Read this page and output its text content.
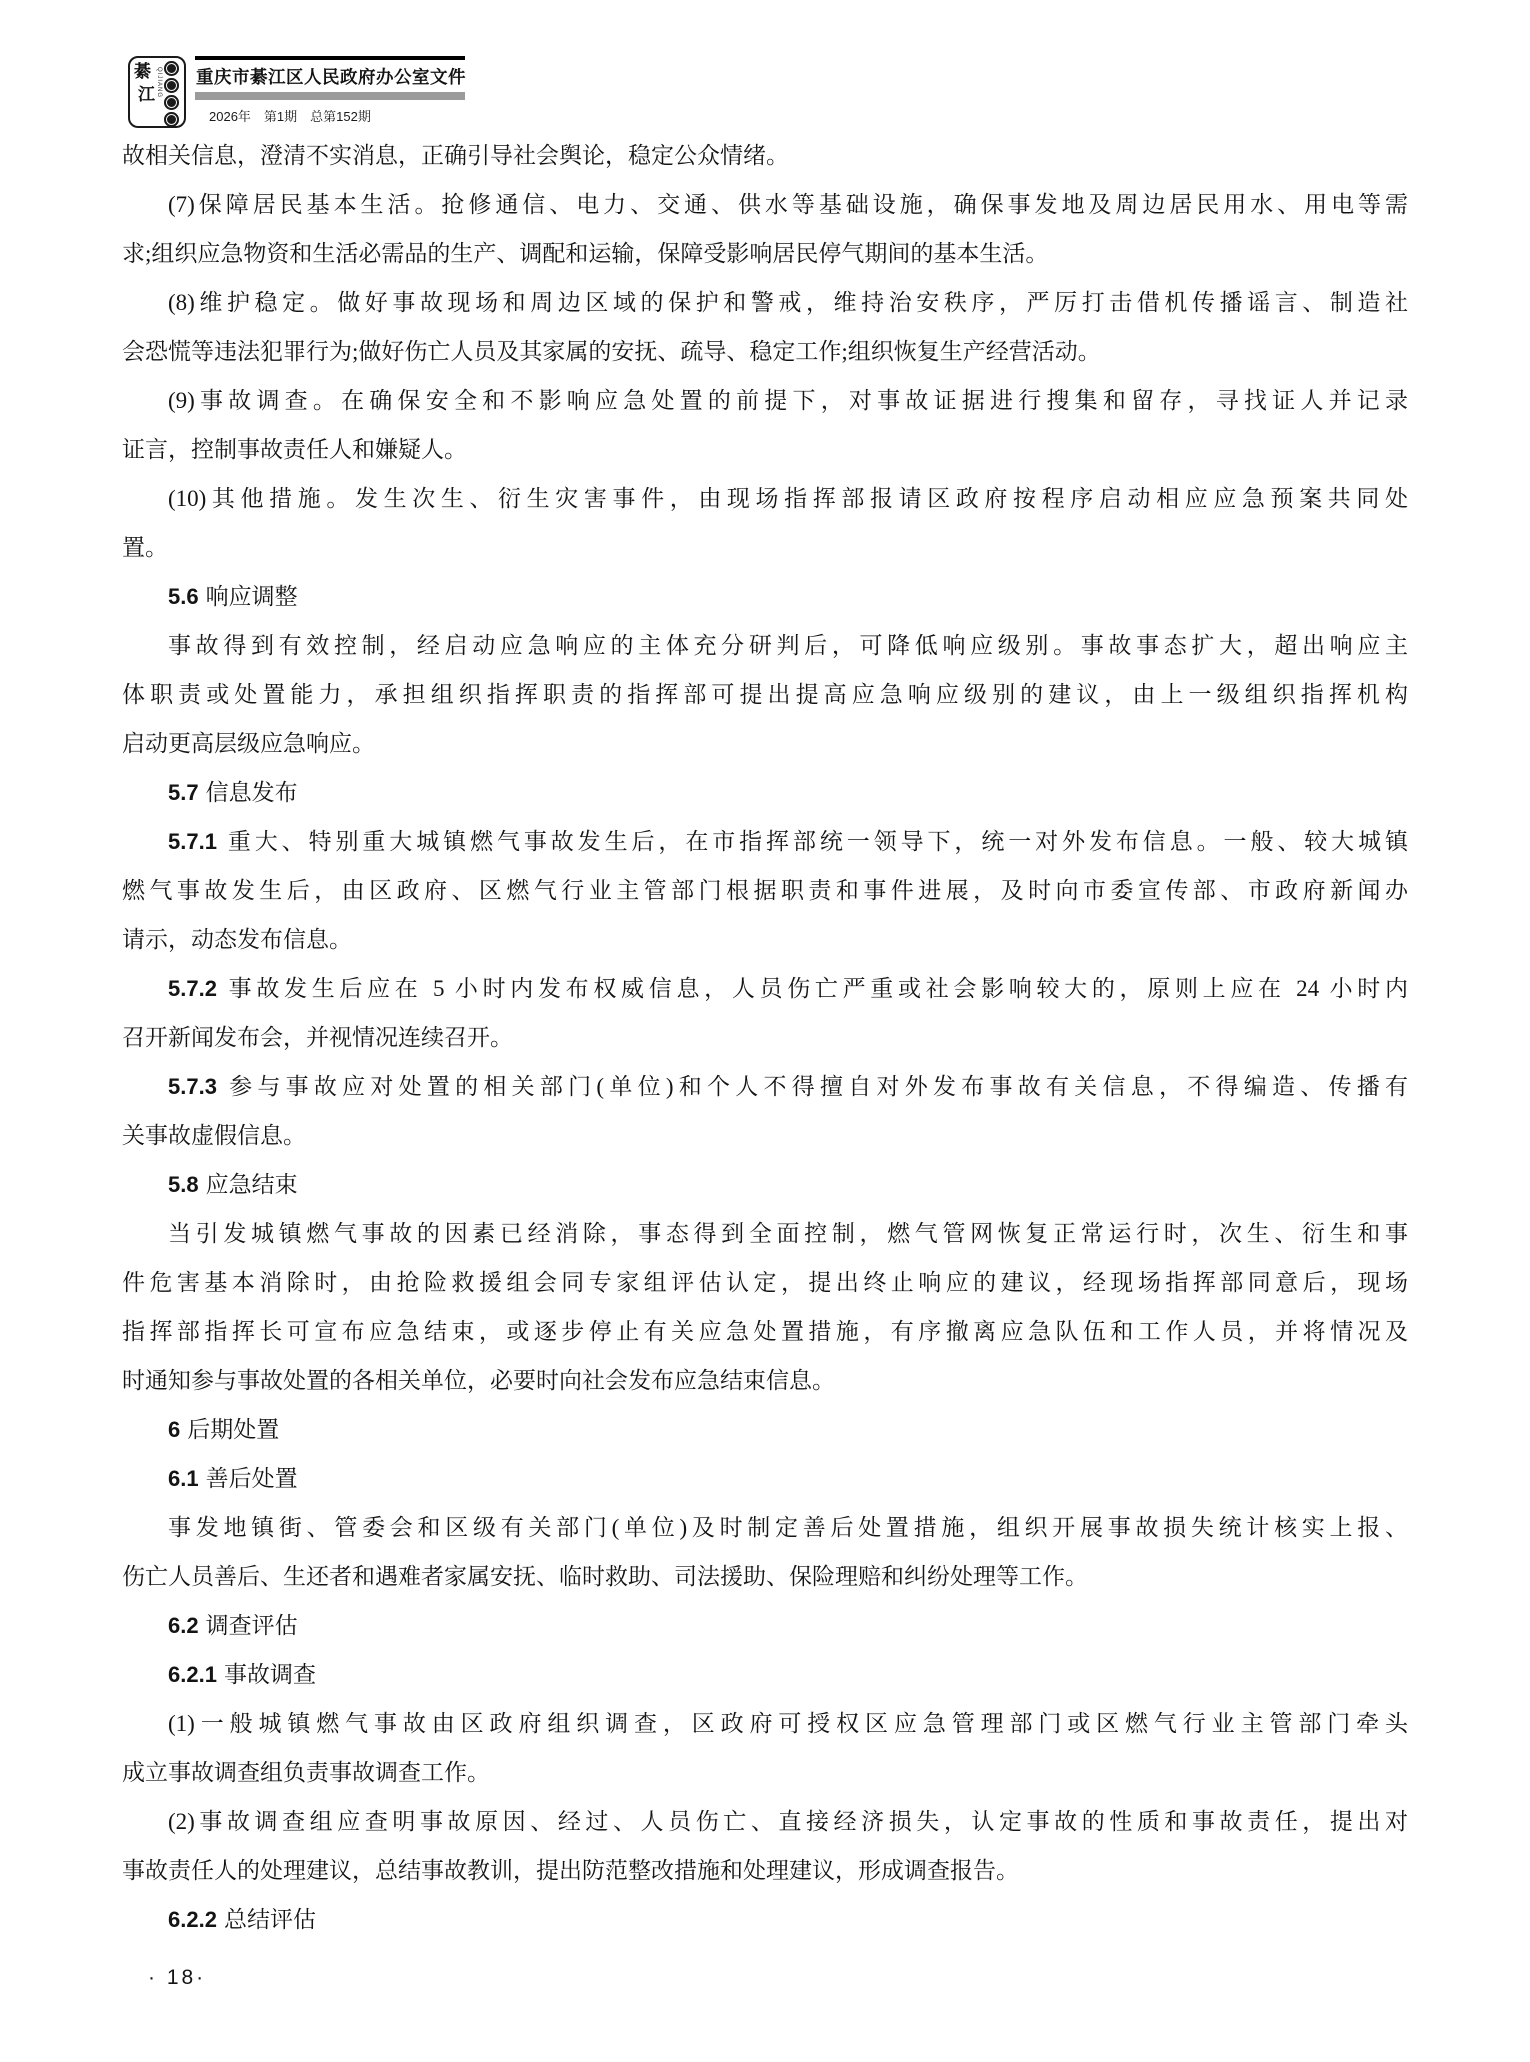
綦
江 QIJIANG 重庆市綦江区人民政府办公室文件
2026年　第1期　总第152期
故相关信息，澄清不实消息，正确引导社会舆论，稳定公众情绪。
(7)保障居民基本生活。抢修通信、电力、交通、供水等基础设施，确保事发地及周边居民用水、用电等需
求;组织应急物资和生活必需品的生产、调配和运输，保障受影响居民停气期间的基本生活。
(8)维护稳定。做好事故现场和周边区域的保护和警戒，维持治安秩序，严厉打击借机传播谣言、制造社
会恐慌等违法犯罪行为;做好伤亡人员及其家属的安抚、疏导、稳定工作;组织恢复生产经营活动。
(9)事故调查。在确保安全和不影响应急处置的前提下，对事故证据进行搜集和留存，寻找证人并记录
证言，控制事故责任人和嫌疑人。
(10)其他措施。发生次生、衍生灾害事件，由现场指挥部报请区政府按程序启动相应应急预案共同处
置。
5.6 响应调整
事故得到有效控制，经启动应急响应的主体充分研判后，可降低响应级别。事故事态扩大，超出响应主
体职责或处置能力，承担组织指挥职责的指挥部可提出提高应急响应级别的建议，由上一级组织指挥机构
启动更高层级应急响应。
5.7 信息发布
5.7.1 重大、特别重大城镇燃气事故发生后，在市指挥部统一领导下，统一对外发布信息。一般、较大城镇
燃气事故发生后，由区政府、区燃气行业主管部门根据职责和事件进展，及时向市委宣传部、市政府新闻办
请示，动态发布信息。
5.7.2 事故发生后应在 5 小时内发布权威信息，人员伤亡严重或社会影响较大的，原则上应在 24 小时内
召开新闻发布会，并视情况连续召开。
5.7.3 参与事故应对处置的相关部门(单位)和个人不得擅自对外发布事故有关信息，不得编造、传播有
关事故虚假信息。
5.8 应急结束
当引发城镇燃气事故的因素已经消除，事态得到全面控制，燃气管网恢复正常运行时，次生、衍生和事
件危害基本消除时，由抢险救援组会同专家组评估认定，提出终止响应的建议，经现场指挥部同意后，现场
指挥部指挥长可宣布应急结束，或逐步停止有关应急处置措施，有序撤离应急队伍和工作人员，并将情况及
时通知参与事故处置的各相关单位，必要时向社会发布应急结束信息。
6 后期处置
6.1 善后处置
事发地镇街、管委会和区级有关部门(单位)及时制定善后处置措施，组织开展事故损失统计核实上报、
伤亡人员善后、生还者和遇难者家属安抚、临时救助、司法援助、保险理赔和纠纷处理等工作。
6.2 调查评估
6.2.1 事故调查
(1)一般城镇燃气事故由区政府组织调查，区政府可授权区应急管理部门或区燃气行业主管部门牵头
成立事故调查组负责事故调查工作。
(2)事故调查组应查明事故原因、经过、人员伤亡、直接经济损失，认定事故的性质和事故责任，提出对
事故责任人的处理建议，总结事故教训，提出防范整改措施和处理建议，形成调查报告。
6.2.2 总结评估
· 18·
